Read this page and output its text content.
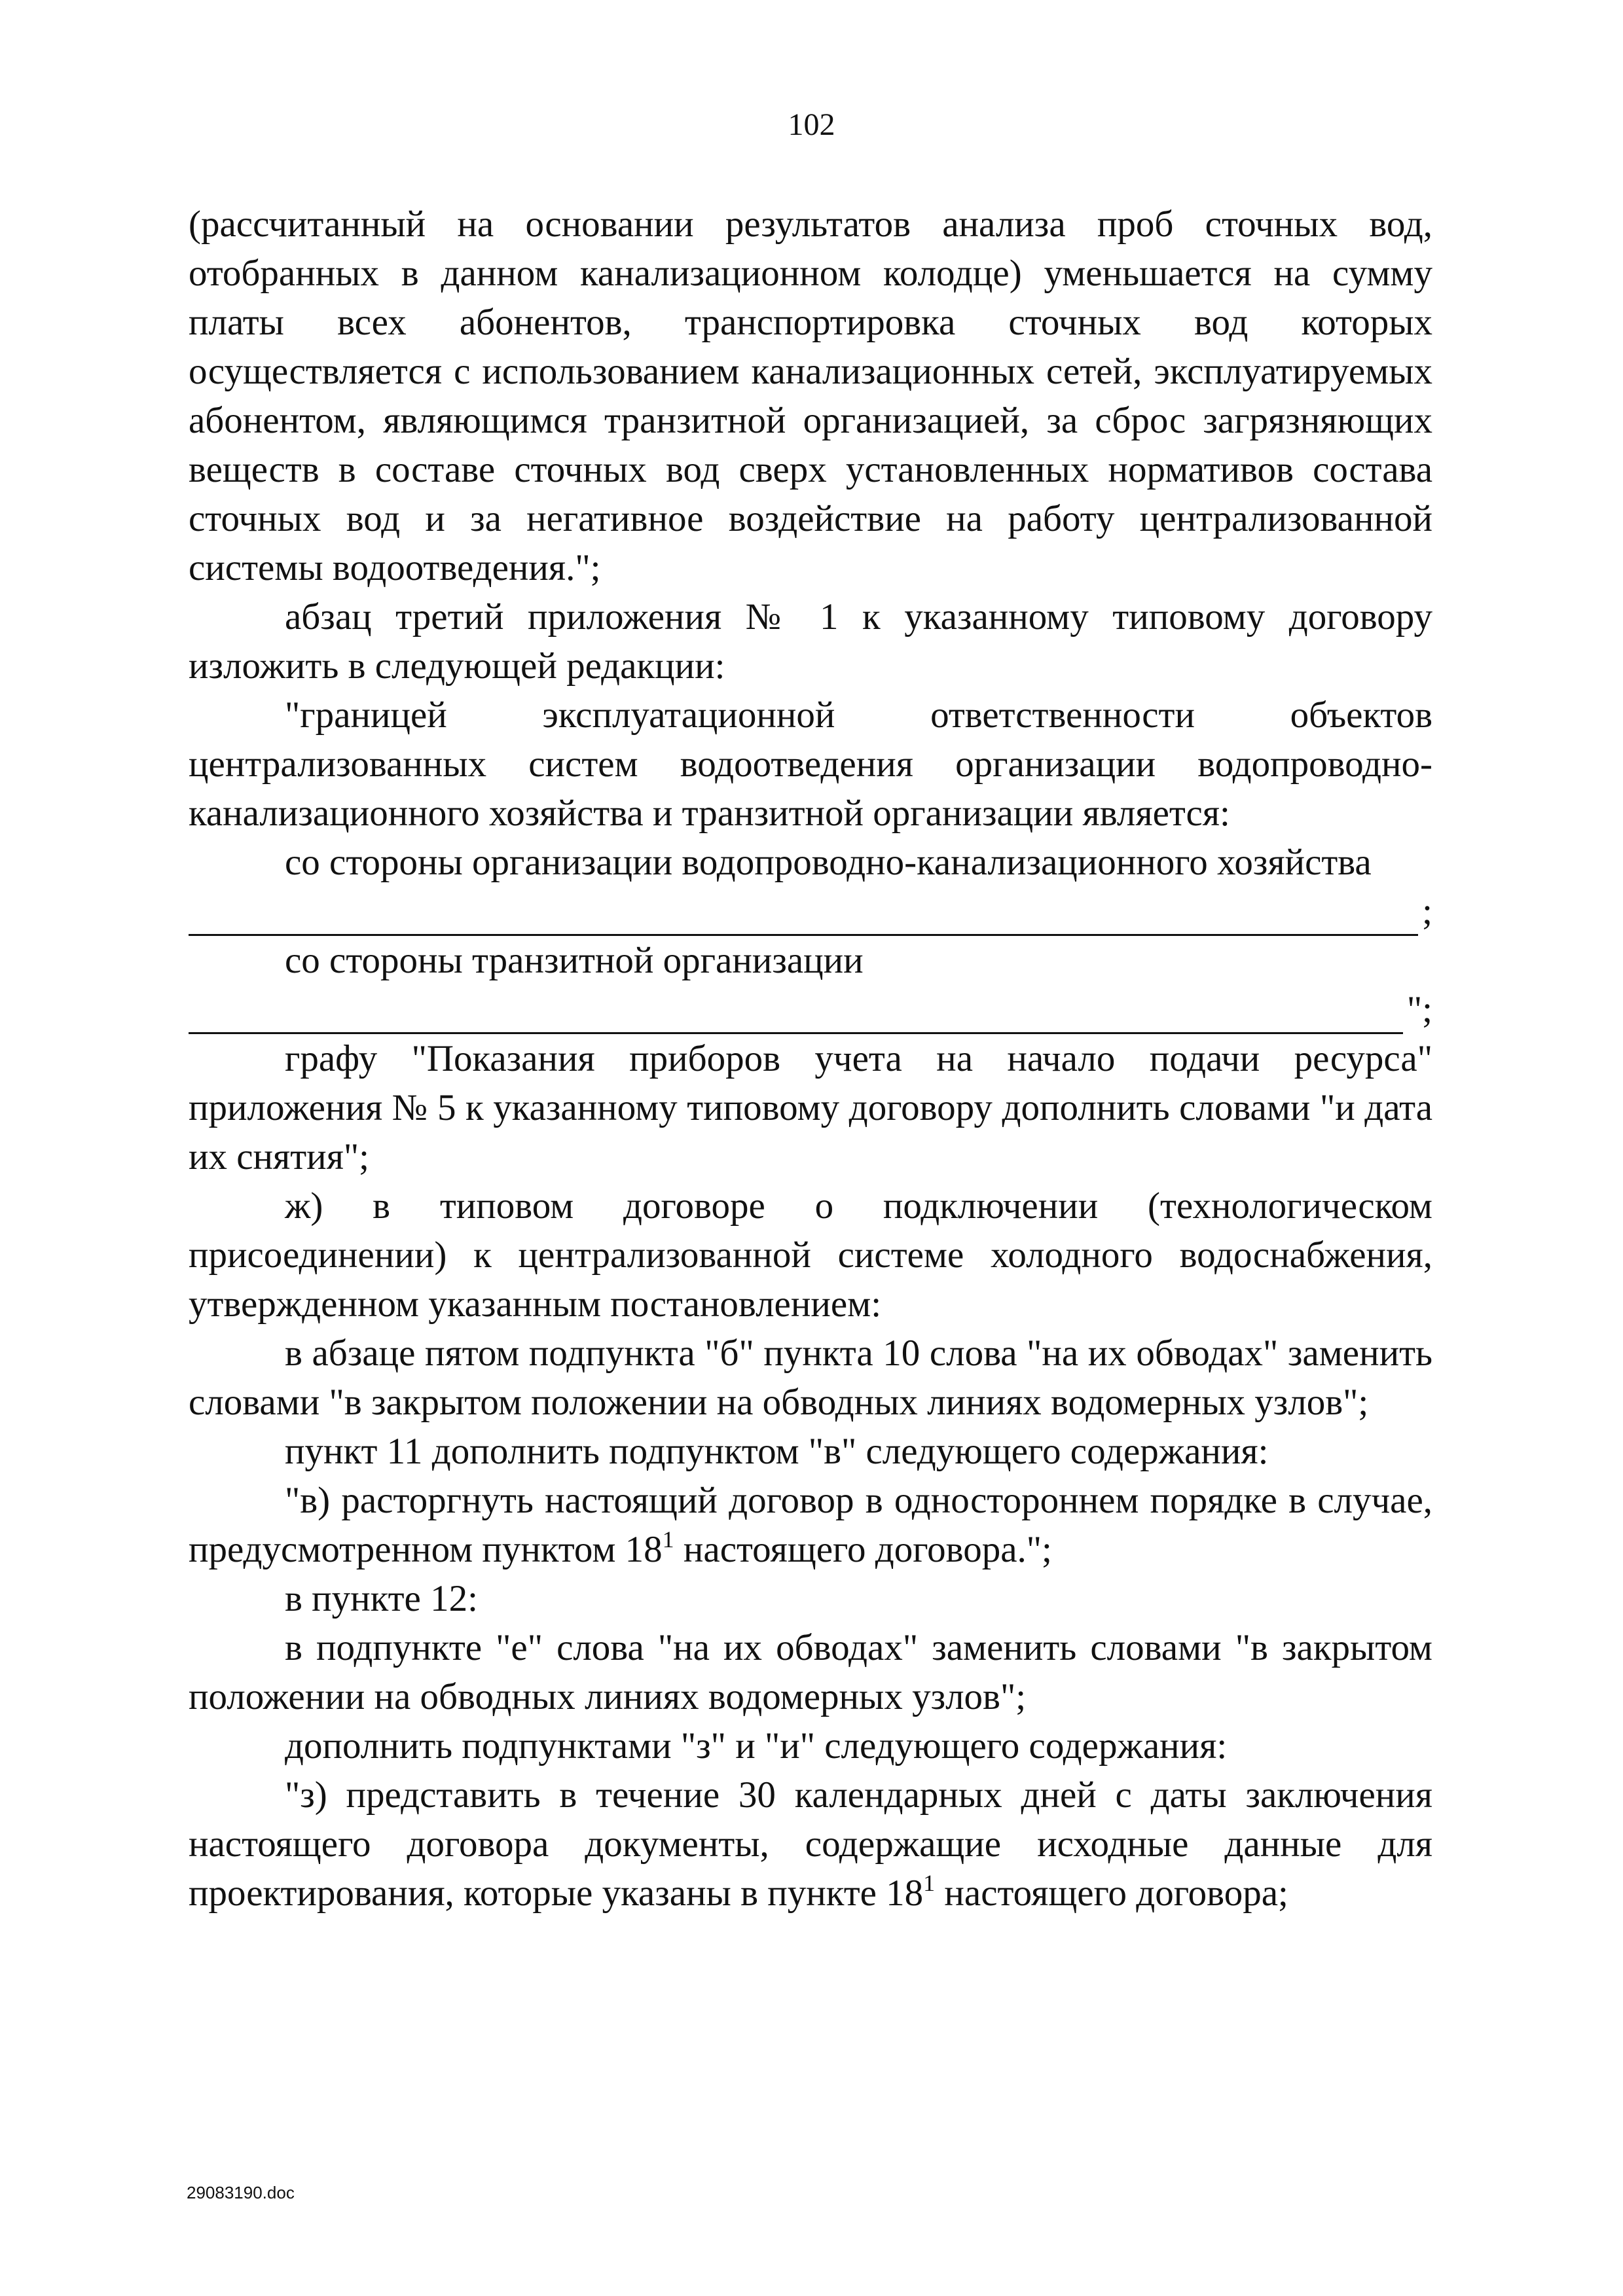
102

(рассчитанный на основании результатов анализа проб сточных вод, отобранных в данном канализационном колодце) уменьшается на сумму платы всех абонентов, транспортировка сточных вод которых осуществляется с использованием канализационных сетей, эксплуатируемых абонентом, являющимся транзитной организацией, за сброс загрязняющих веществ в составе сточных вод сверх установленных нормативов состава сточных вод и за негативное воздействие на работу централизованной системы водоотведения.";

абзац третий приложения № 1 к указанному типовому договору изложить в следующей редакции:

"границей эксплуатационной ответственности объектов централизованных систем водоотведения организации водопроводно-канализационного хозяйства и транзитной организации является:

со стороны организации водопроводно-канализационного хозяйства

;

со стороны транзитной организации

";

графу "Показания приборов учета на начало подачи ресурса" приложения № 5 к указанному типовому договору дополнить словами "и дата их снятия";

ж) в типовом договоре о подключении (технологическом присоединении) к централизованной системе холодного водоснабжения, утвержденном указанным постановлением:

в абзаце пятом подпункта "б" пункта 10 слова "на их обводах" заменить словами "в закрытом положении на обводных линиях водомерных узлов";

пункт 11 дополнить подпунктом "в" следующего содержания:

"в) расторгнуть настоящий договор в одностороннем порядке в случае, предусмотренном пунктом $18^1$ настоящего договора.";

в пункте 12:

в подпункте "е" слова "на их обводах" заменить словами "в закрытом положении на обводных линиях водомерных узлов";

дополнить подпунктами "з" и "и" следующего содержания:

"з) представить в течение 30 календарных дней с даты заключения настоящего договора документы, содержащие исходные данные для проектирования, которые указаны в пункте $18^1$ настоящего договора;

29083190.doc
